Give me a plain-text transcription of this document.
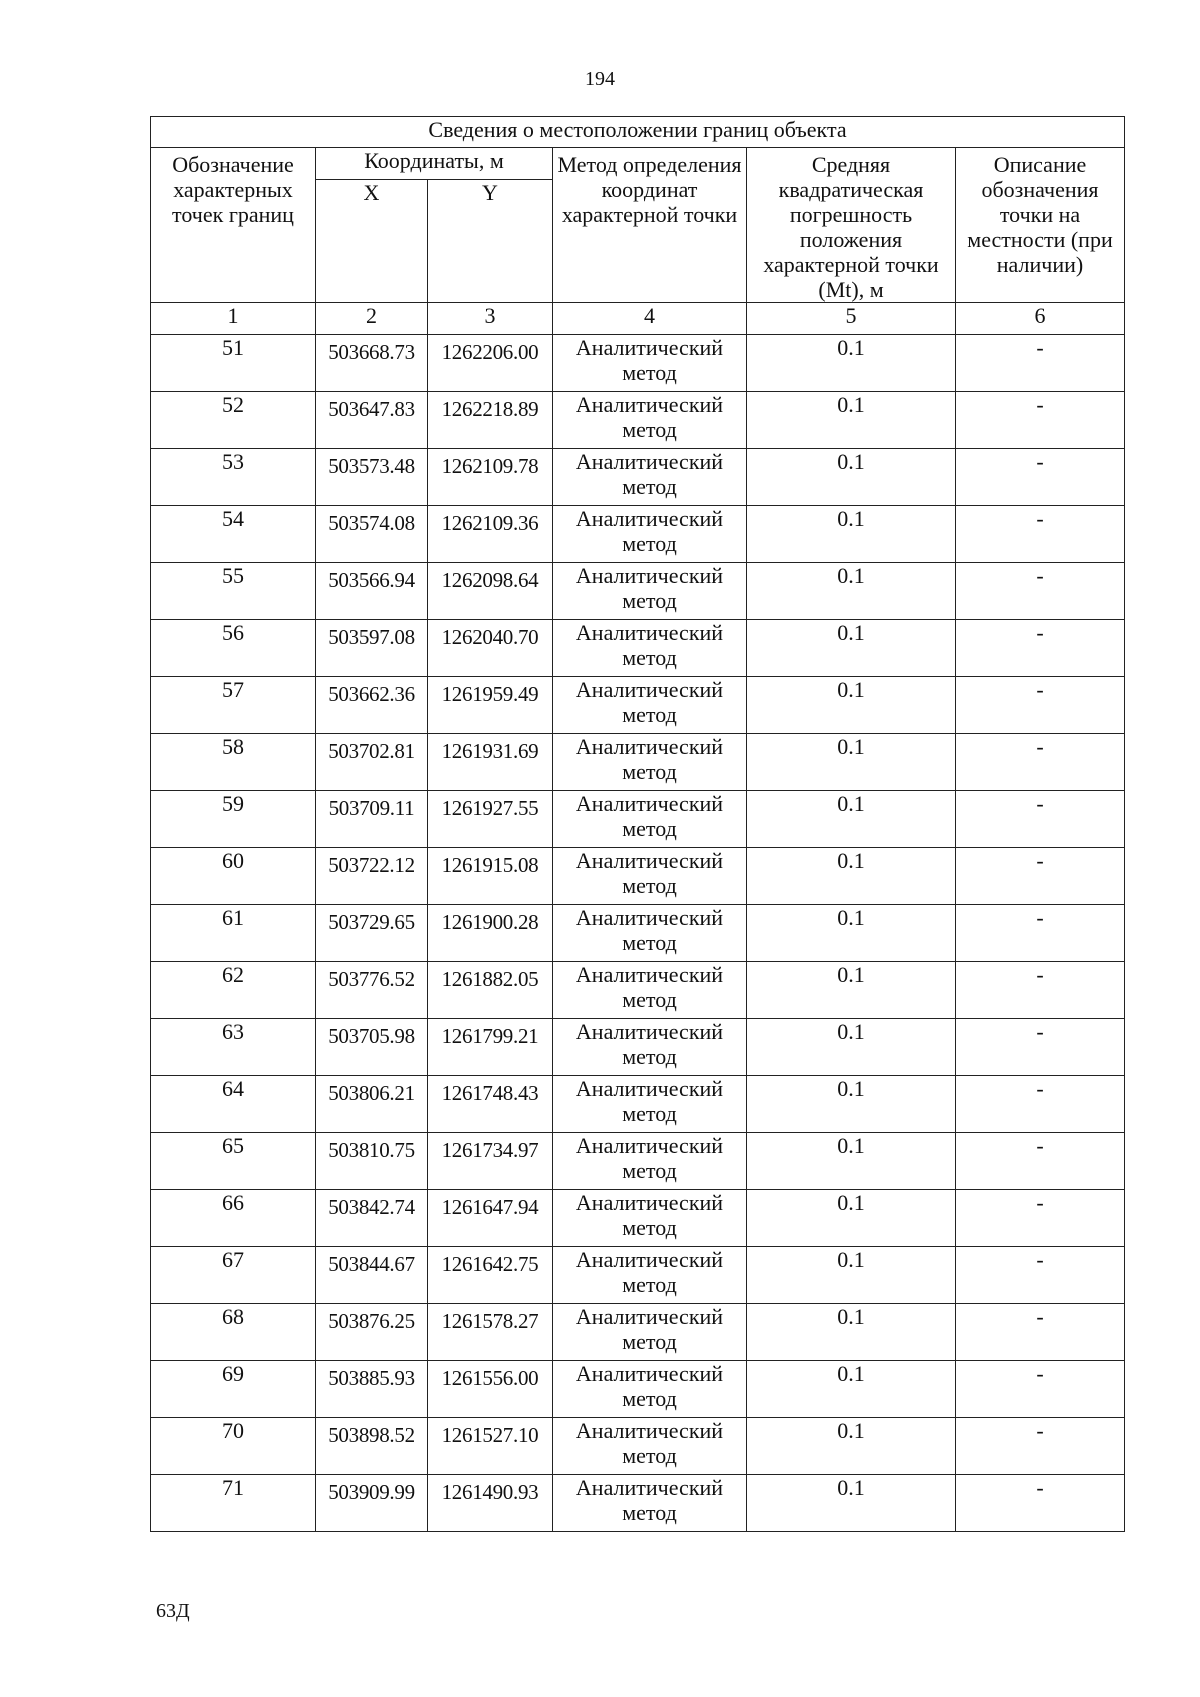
194
Сведения о местоположении границ объекта					
Обозначение характерных точек границ	Координаты, м		Метод определения координат характерной точки	Средняя квадратическая погрешность положения характерной точки (Mt), м	Описание обозначения точки на местности (при наличии)
	X	Y			
1	2	3	4	5	6
51	503668.73	1262206.00	Аналитический метод	0.1	-
52	503647.83	1262218.89	Аналитический метод	0.1	-
53	503573.48	1262109.78	Аналитический метод	0.1	-
54	503574.08	1262109.36	Аналитический метод	0.1	-
55	503566.94	1262098.64	Аналитический метод	0.1	-
56	503597.08	1262040.70	Аналитический метод	0.1	-
57	503662.36	1261959.49	Аналитический метод	0.1	-
58	503702.81	1261931.69	Аналитический метод	0.1	-
59	503709.11	1261927.55	Аналитический метод	0.1	-
60	503722.12	1261915.08	Аналитический метод	0.1	-
61	503729.65	1261900.28	Аналитический метод	0.1	-
62	503776.52	1261882.05	Аналитический метод	0.1	-
63	503705.98	1261799.21	Аналитический метод	0.1	-
64	503806.21	1261748.43	Аналитический метод	0.1	-
65	503810.75	1261734.97	Аналитический метод	0.1	-
66	503842.74	1261647.94	Аналитический метод	0.1	-
67	503844.67	1261642.75	Аналитический метод	0.1	-
68	503876.25	1261578.27	Аналитический метод	0.1	-
69	503885.93	1261556.00	Аналитический метод	0.1	-
70	503898.52	1261527.10	Аналитический метод	0.1	-
71	503909.99	1261490.93	Аналитический метод	0.1	-
63Д
